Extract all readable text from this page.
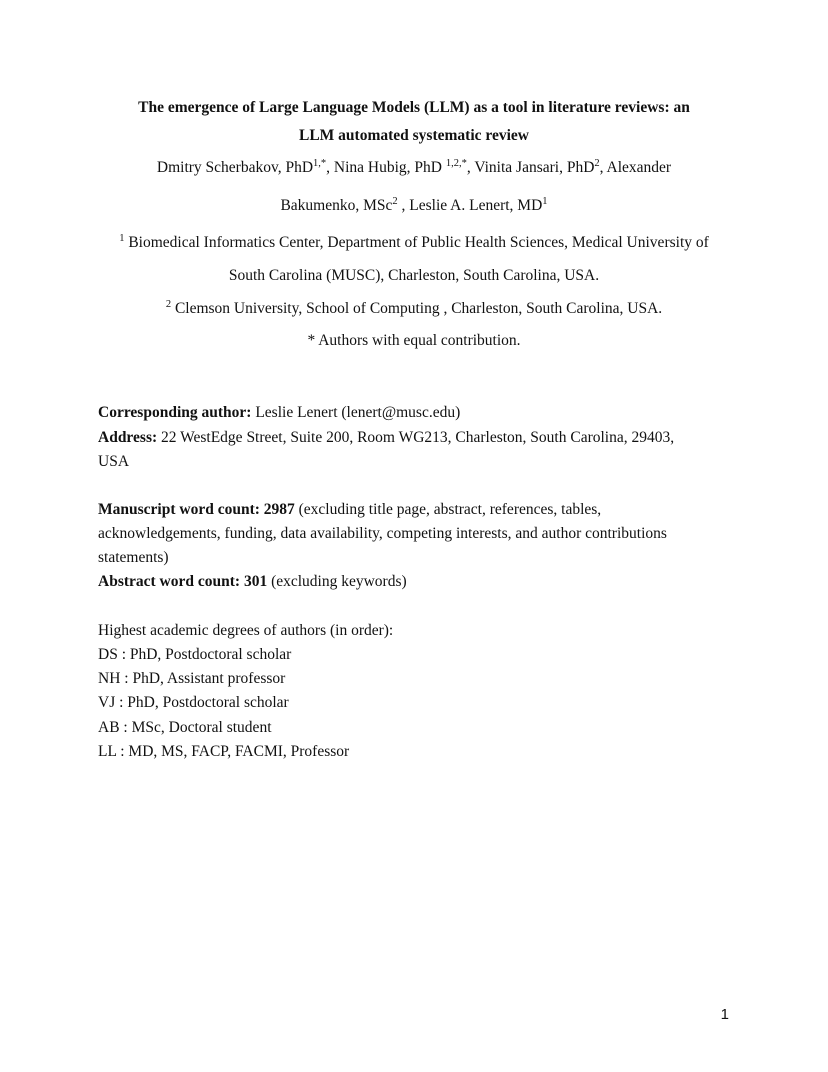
The emergence of Large Language Models (LLM) as a tool in literature reviews: an
LLM automated systematic review
Dmitry Scherbakov, PhD$^{1,*}$, Nina Hubig, PhD $^{1,2,*}$, Vinita Jansari, PhD$^2$, Alexander
Bakumenko, MSc$^2$ , Leslie A. Lenert, $MD^1$
$^1$ Biomedical Informatics Center, Department of Public Health Sciences, Medical University of
South Carolina (MUSC), Charleston, South Carolina, USA.
$^2$ Clemson University, School of Computing , Charleston, South Carolina, USA.
* Authors with equal contribution.
Corresponding author: Leslie Lenert (lenert@musc.edu)
Address: 22 WestEdge Street, Suite 200, Room WG213, Charleston, South Carolina, 29403,
USA
Manuscript word count: 2987 (excluding title page, abstract, references, tables,
acknowledgements, funding, data availability, competing interests, and author contributions
statements)
Abstract word count: 301 (excluding keywords)
Highest academic degrees of authors (in order):
DS : PhD, Postdoctoral scholar
NH : PhD, Assistant professor
VJ : PhD, Postdoctoral scholar
AB : MSc, Doctoral student
LL : MD, MS, FACP, FACMI, Professor
1
